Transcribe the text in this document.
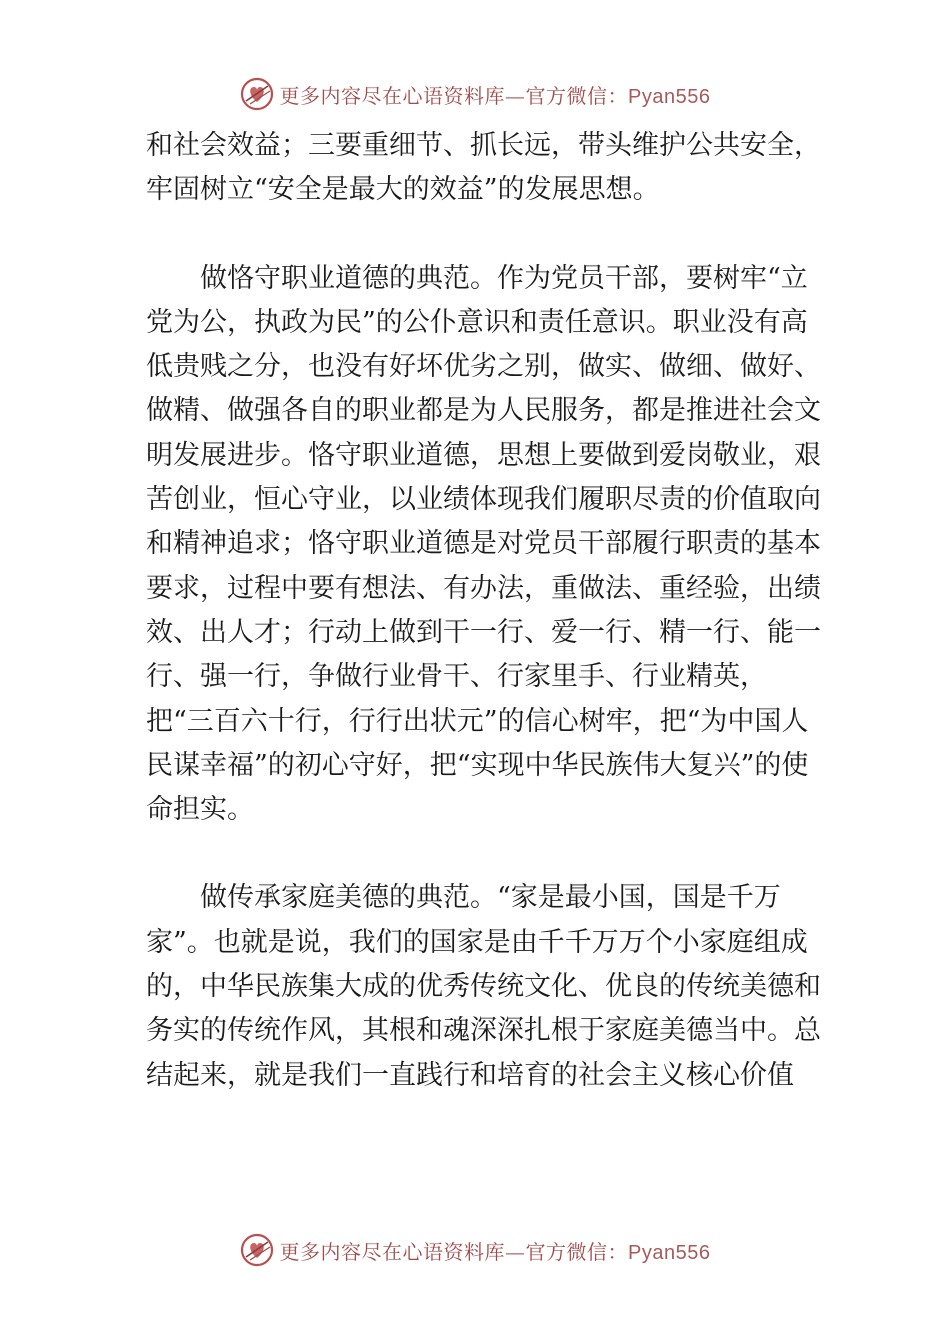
更多内容尽在心语资料库—官方微信：Pyan556

和社会效益；三要重细节、抓长远，带头维护公共安全，牢固树立“安全是最大的效益”的发展思想。

做恪守职业道德的典范。作为党员干部，要树牢“立党为公，执政为民”的公仆意识和责任意识。职业没有高低贵贱之分，也没有好坏优劣之别，做实、做细、做好、做精、做强各自的职业都是为人民服务，都是推进社会文明发展进步。恪守职业道德，思想上要做到爱岗敬业，艰苦创业，恒心守业，以业绩体现我们履职尽责的价值取向和精神追求；恪守职业道德是对党员干部履行职责的基本要求，过程中要有想法、有办法，重做法、重经验，出绩效、出人才；行动上做到干一行、爱一行、精一行、能一行、强一行，争做行业骨干、行家里手、行业精英，把“三百六十行，行行出状元”的信心树牢，把“为中国人民谋幸福”的初心守好，把“实现中华民族伟大复兴”的使命担实。

做传承家庭美德的典范。“家是最小国，国是千万家”。也就是说，我们的国家是由千千万万个小家庭组成的，中华民族集大成的优秀传统文化、优良的传统美德和务实的传统作风，其根和魂深深扎根于家庭美德当中。总结起来，就是我们一直践行和培育的社会主义核心价值

更多内容尽在心语资料库—官方微信：Pyan556
